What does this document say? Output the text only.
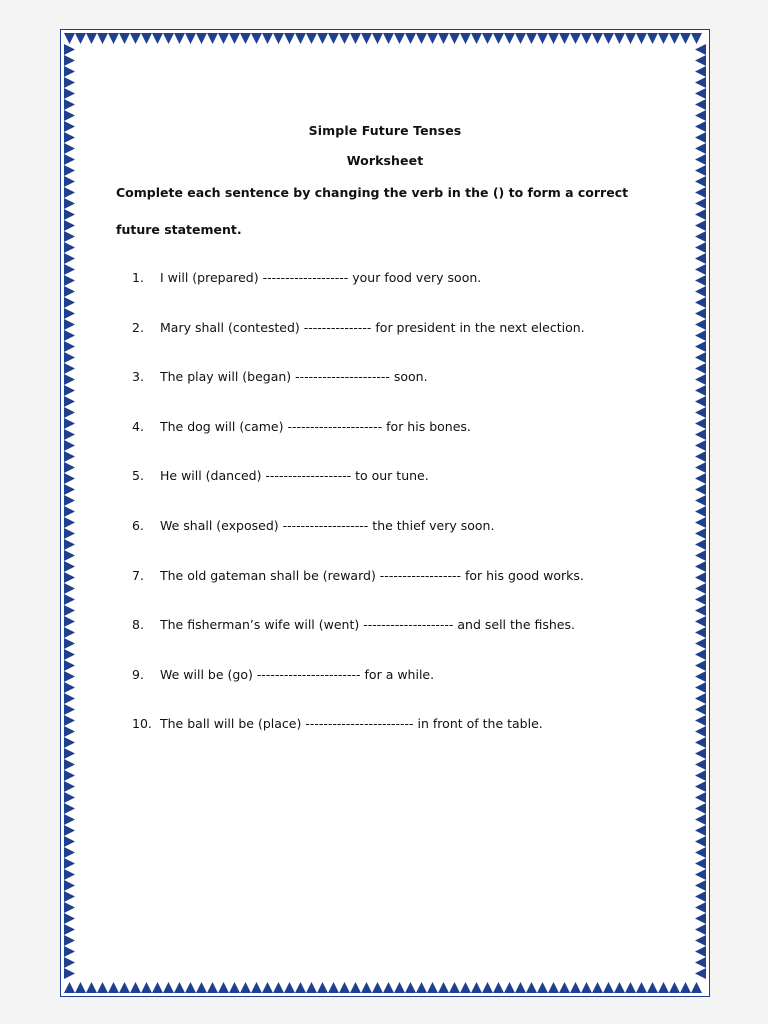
Simple Future Tenses
Worksheet
Complete each sentence by changing the verb in the () to form a correct future statement.
1. I will (prepared) ------------------- your food very soon.
2. Mary shall (contested) --------------- for president in the next election.
3. The play will (began) --------------------- soon.
4. The dog will (came) --------------------- for his bones.
5. He will (danced) ------------------- to our tune.
6. We shall (exposed) ------------------- the thief very soon.
7. The old gateman shall be (reward) ------------------ for his good works.
8. The fisherman’s wife will (went) -------------------- and sell the fishes.
9. We will be (go) ----------------------- for a while.
10. The ball will be (place) ------------------------ in front of the table.
